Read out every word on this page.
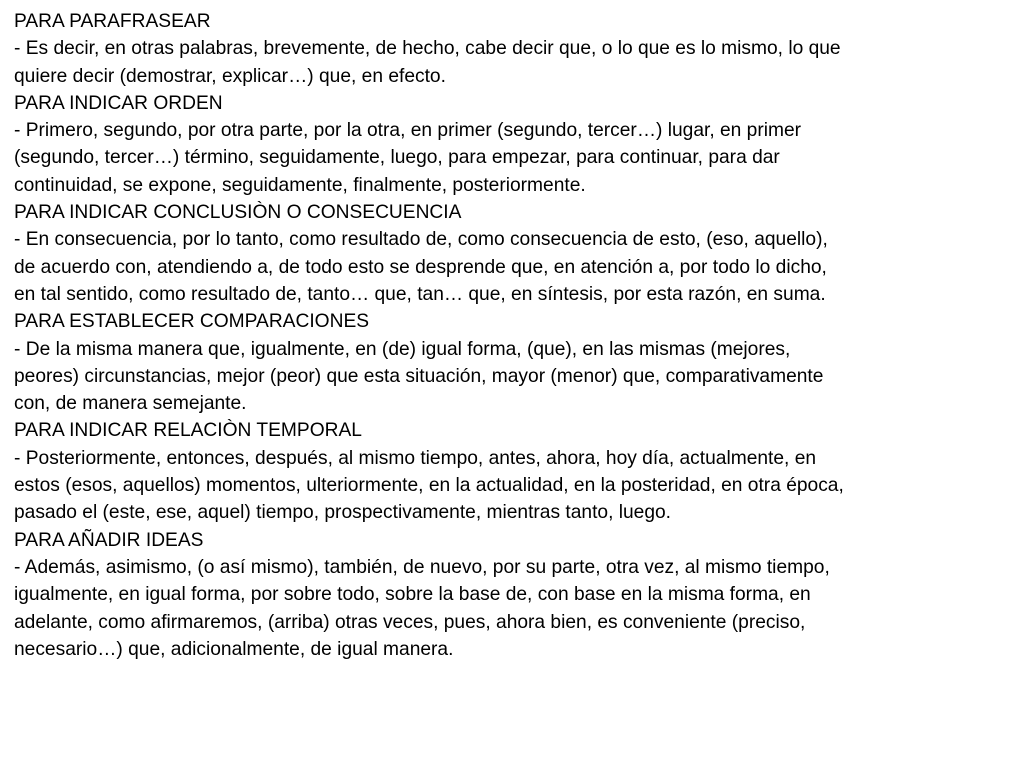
PARA PARAFRASEAR
- Es decir, en otras palabras, brevemente, de hecho, cabe decir que, o lo que es lo mismo, lo que quiere decir (demostrar, explicar…) que, en efecto.
PARA INDICAR ORDEN
- Primero, segundo, por otra parte, por la otra, en primer (segundo, tercer…) lugar, en primer (segundo, tercer…) término, seguidamente, luego, para empezar, para continuar, para dar continuidad, se expone, seguidamente, finalmente, posteriormente.
PARA INDICAR CONCLUSIÒN O CONSECUENCIA
- En consecuencia, por lo tanto, como resultado de, como consecuencia de esto, (eso, aquello), de acuerdo con, atendiendo a, de todo esto se desprende que, en atención a, por todo lo dicho, en tal sentido, como resultado de, tanto… que, tan… que, en síntesis, por esta razón, en suma.
PARA ESTABLECER COMPARACIONES
- De la misma manera que, igualmente, en (de) igual forma, (que), en las mismas (mejores, peores) circunstancias, mejor (peor) que esta situación, mayor (menor) que, comparativamente con, de manera semejante.
PARA INDICAR RELACIÒN TEMPORAL
- Posteriormente, entonces, después, al mismo tiempo, antes, ahora, hoy día, actualmente, en estos (esos, aquellos) momentos, ulteriormente, en la actualidad, en la posteridad, en otra época, pasado el (este, ese, aquel) tiempo, prospectivamente, mientras tanto, luego.
PARA AÑADIR IDEAS
- Además, asimismo, (o así mismo), también, de nuevo, por su parte, otra vez, al mismo tiempo, igualmente, en igual forma, por sobre todo, sobre la base de, con base en la misma forma, en adelante, como afirmaremos, (arriba) otras veces, pues, ahora bien, es conveniente (preciso, necesario…) que, adicionalmente, de igual manera.
